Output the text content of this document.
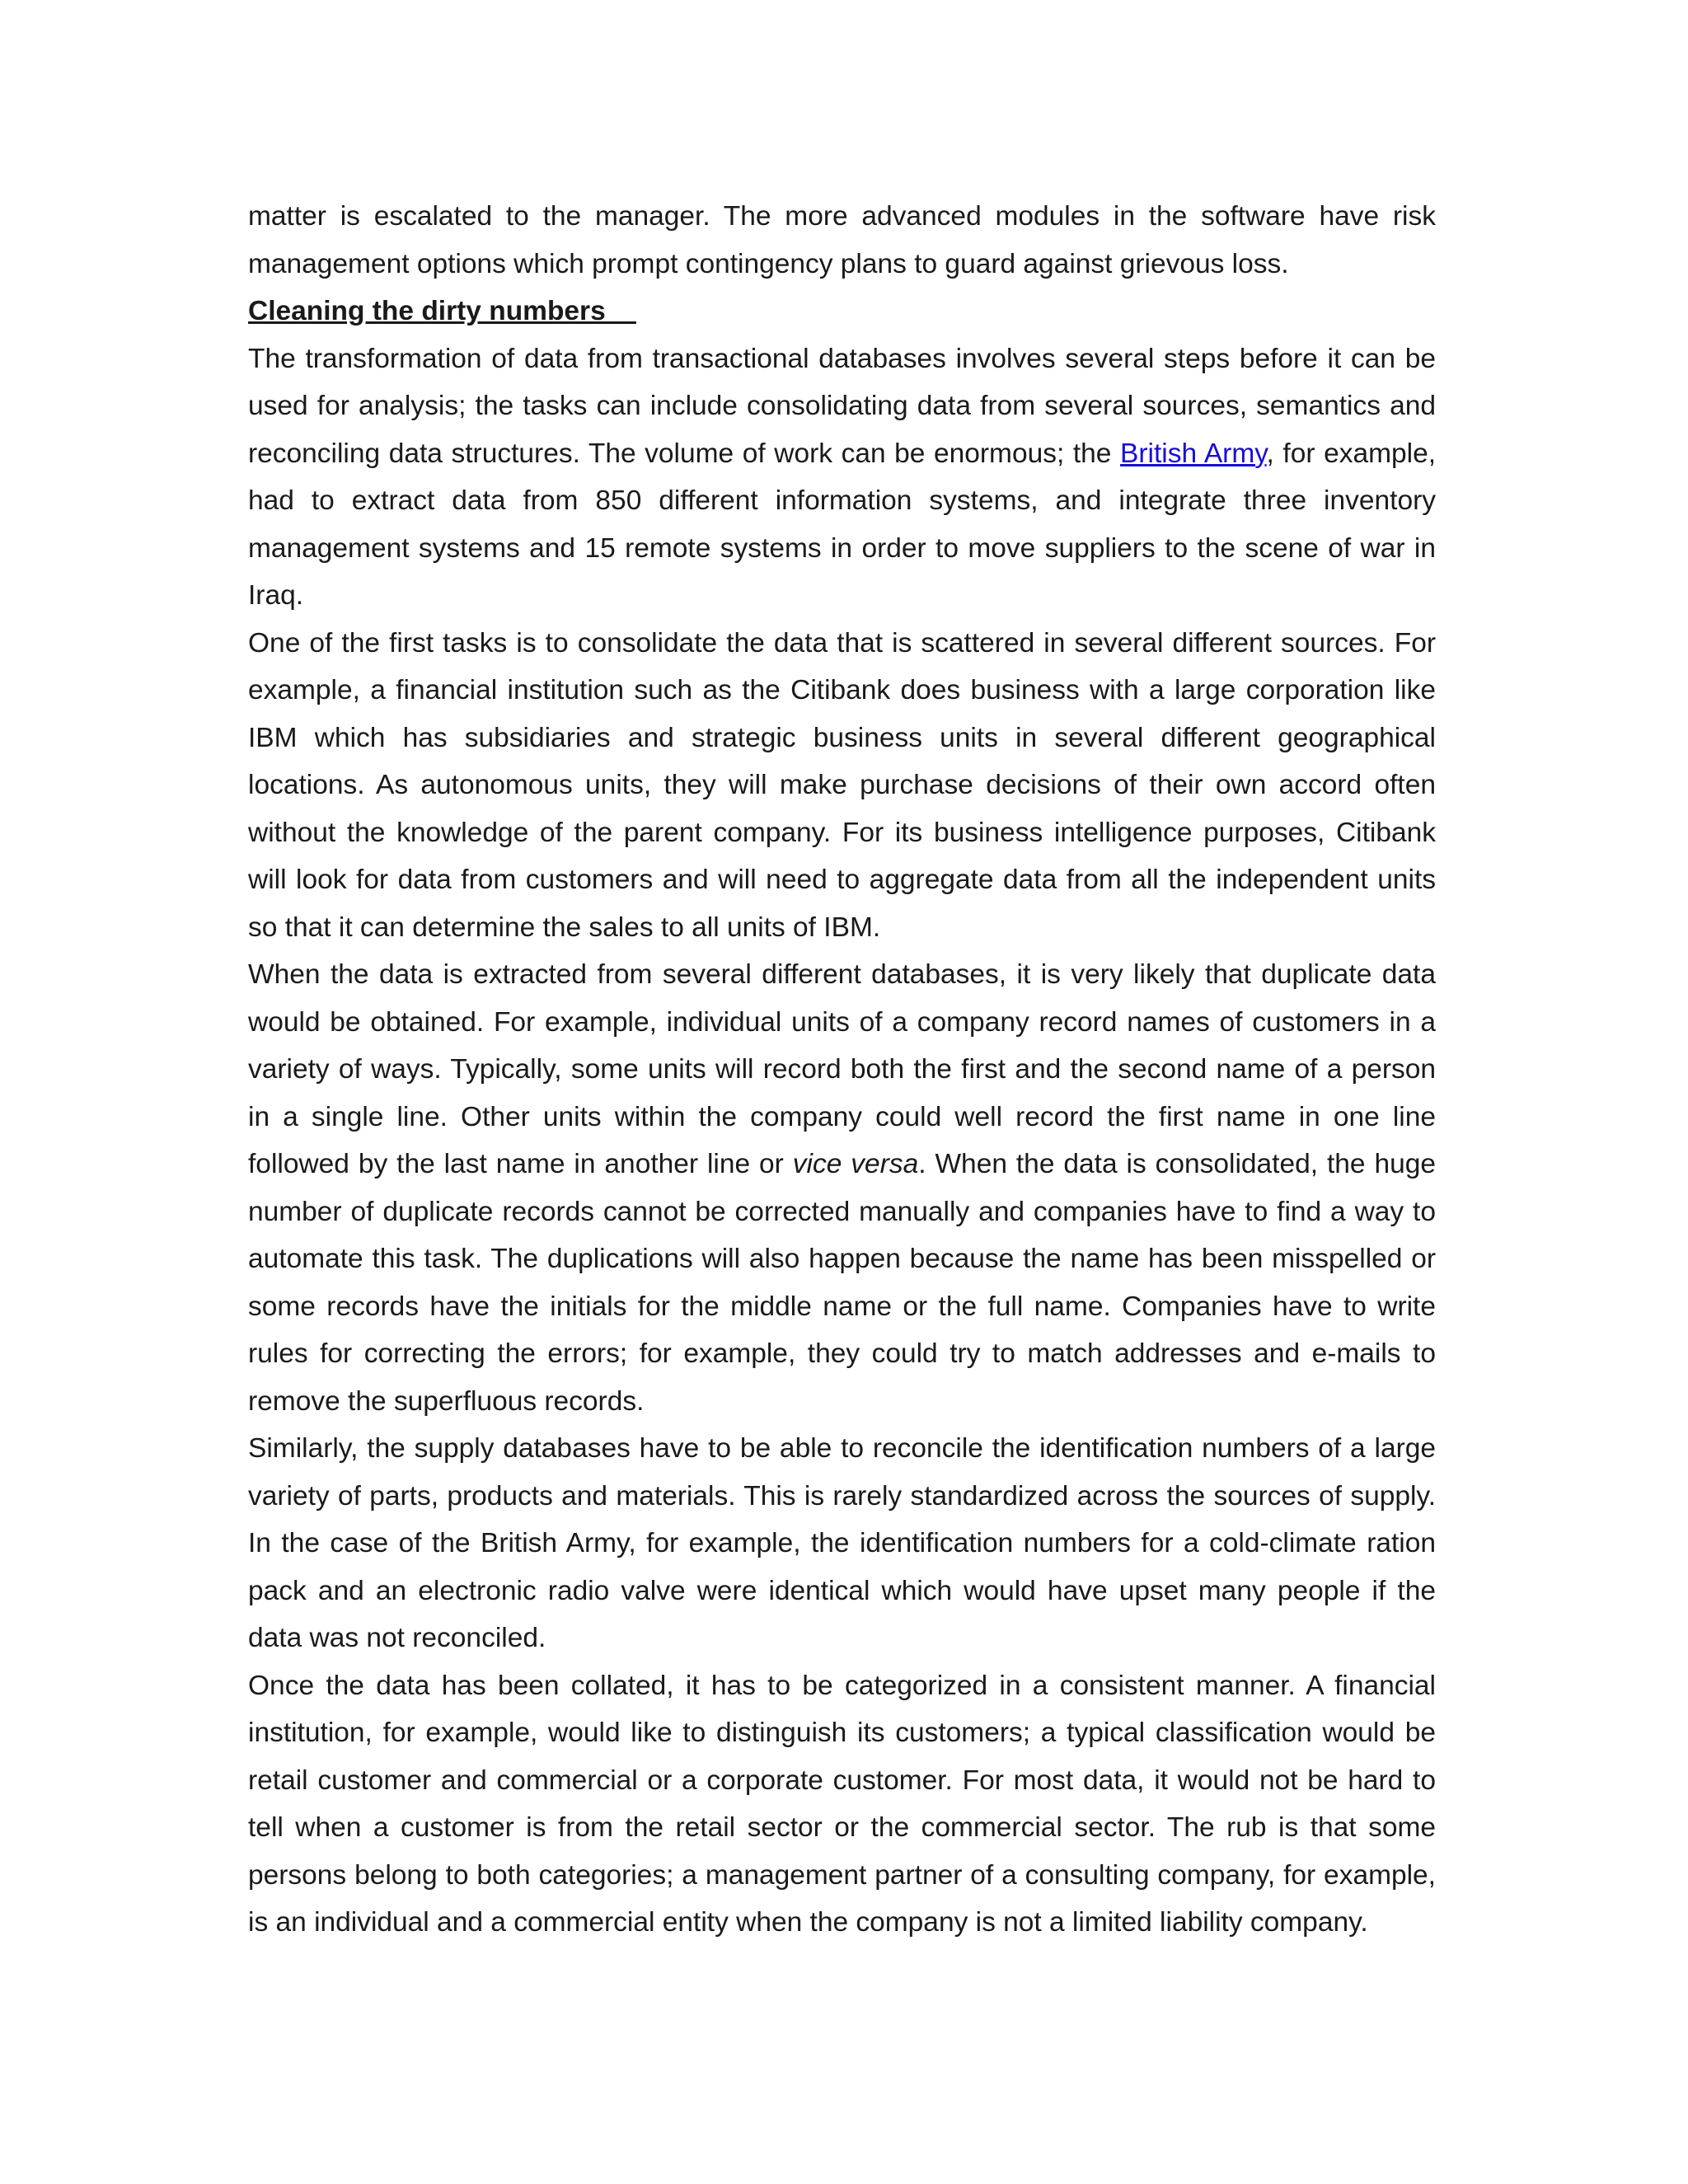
matter is escalated to the manager. The more advanced modules in the software have risk management options which prompt contingency plans to guard against grievous loss.

Cleaning the dirty numbers

The transformation of data from transactional databases involves several steps before it can be used for analysis; the tasks can include consolidating data from several sources, semantics and reconciling data structures. The volume of work can be enormous; the British Army, for example, had to extract data from 850 different information systems, and integrate three inventory management systems and 15 remote systems in order to move suppliers to the scene of war in Iraq.

One of the first tasks is to consolidate the data that is scattered in several different sources. For example, a financial institution such as the Citibank does business with a large corporation like IBM which has subsidiaries and strategic business units in several different geographical locations. As autonomous units, they will make purchase decisions of their own accord often without the knowledge of the parent company. For its business intelligence purposes, Citibank will look for data from customers and will need to aggregate data from all the independent units so that it can determine the sales to all units of IBM.

When the data is extracted from several different databases, it is very likely that duplicate data would be obtained. For example, individual units of a company record names of customers in a variety of ways. Typically, some units will record both the first and the second name of a person in a single line. Other units within the company could well record the first name in one line followed by the last name in another line or vice versa. When the data is consolidated, the huge number of duplicate records cannot be corrected manually and companies have to find a way to automate this task. The duplications will also happen because the name has been misspelled or some records have the initials for the middle name or the full name. Companies have to write rules for correcting the errors; for example, they could try to match addresses and e-mails to remove the superfluous records.

Similarly, the supply databases have to be able to reconcile the identification numbers of a large variety of parts, products and materials. This is rarely standardized across the sources of supply. In the case of the British Army, for example, the identification numbers for a cold-climate ration pack and an electronic radio valve were identical which would have upset many people if the data was not reconciled.

Once the data has been collated, it has to be categorized in a consistent manner. A financial institution, for example, would like to distinguish its customers; a typical classification would be retail customer and commercial or a corporate customer. For most data, it would not be hard to tell when a customer is from the retail sector or the commercial sector. The rub is that some persons belong to both categories; a management partner of a consulting company, for example, is an individual and a commercial entity when the company is not a limited liability company.
